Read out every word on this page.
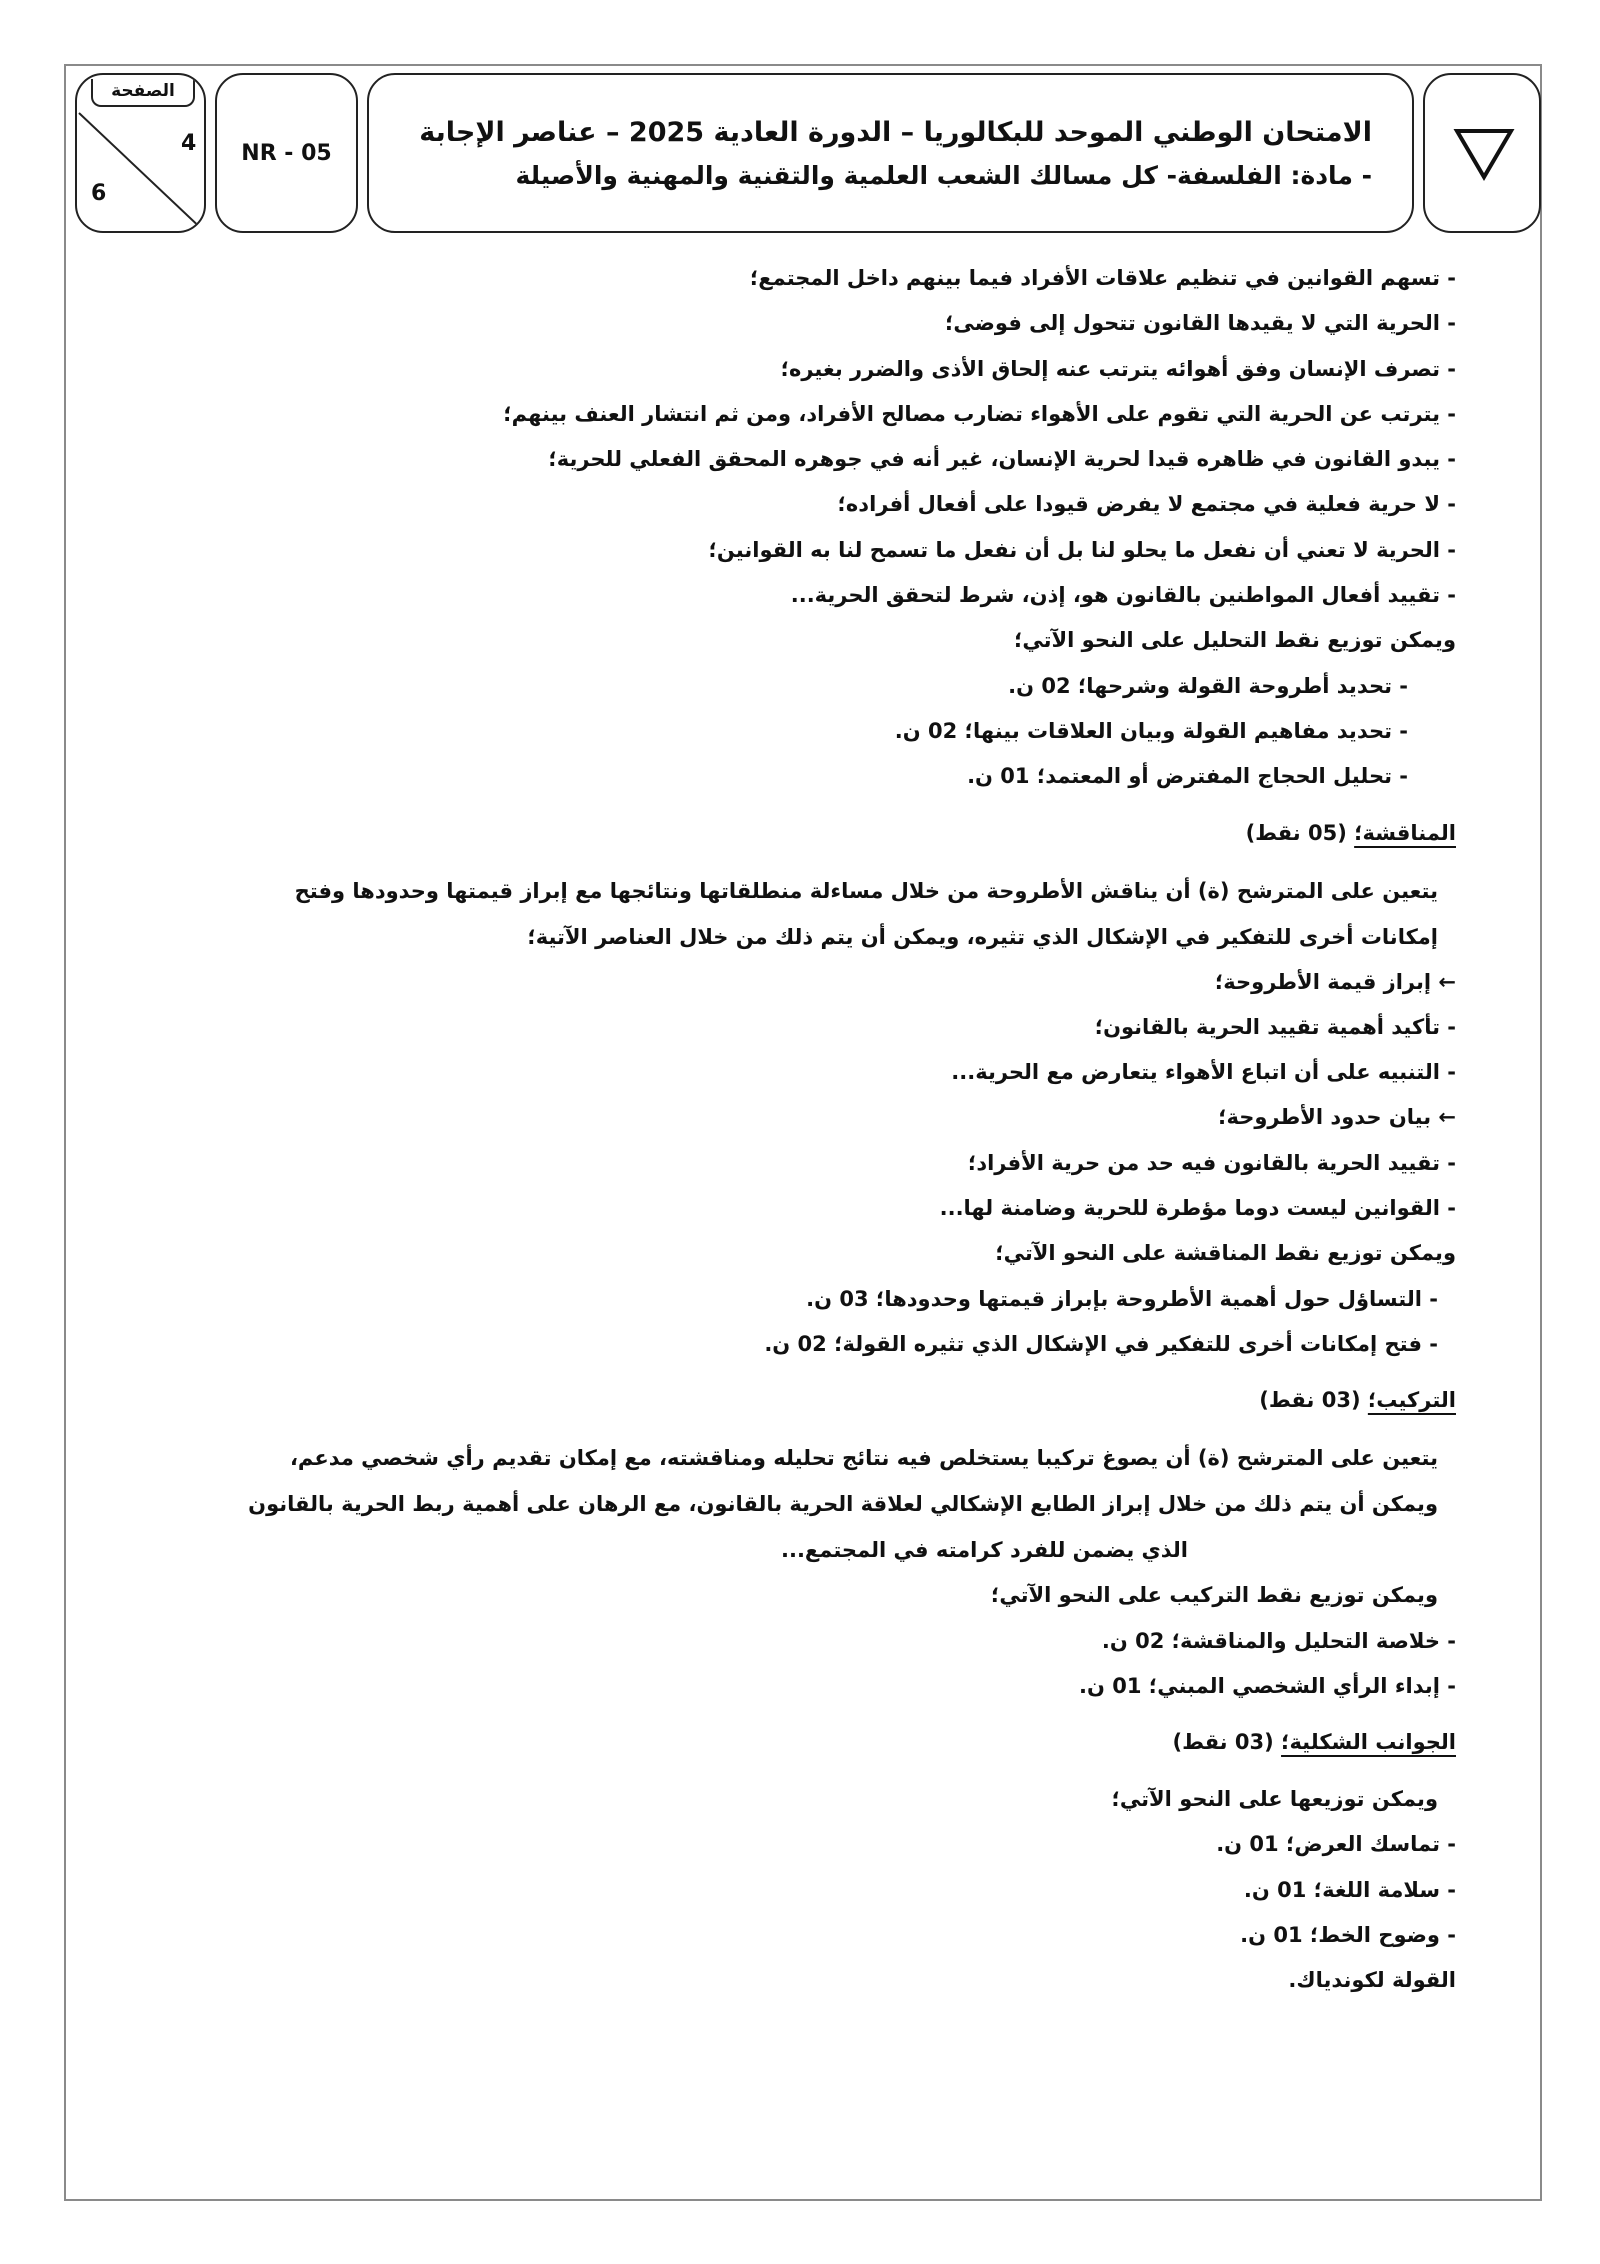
الصفحة
4
6
NR - 05
الامتحان الوطني الموحد للبكالوريا – الدورة العادية 2025 – عناصر الإجابة
- مادة: الفلسفة- كل مسالك الشعب العلمية والتقنية والمهنية والأصيلة
- تسهم القوانين في تنظيم علاقات الأفراد فيما بينهم داخل المجتمع؛
- الحرية التي لا يقيدها القانون تتحول إلى فوضى؛
- تصرف الإنسان وفق أهوائه يترتب عنه إلحاق الأذى والضرر بغيره؛
- يترتب عن الحرية التي تقوم على الأهواء تضارب مصالح الأفراد، ومن ثم انتشار العنف بينهم؛
- يبدو القانون في ظاهره قيدا لحرية الإنسان، غير أنه في جوهره المحقق الفعلي للحرية؛
- لا حرية فعلية في مجتمع لا يفرض قيودا على أفعال أفراده؛
- الحرية لا تعني أن نفعل ما يحلو لنا بل أن نفعل ما تسمح لنا به القوانين؛
- تقييد أفعال المواطنين بالقانون هو، إذن، شرط لتحقق الحرية...
ويمكن توزيع نقط التحليل على النحو الآتي؛
- تحديد أطروحة القولة وشرحها؛ 02 ن.
- تحديد مفاهيم القولة وبيان العلاقات بينها؛ 02 ن.
- تحليل الحجاج المفترض أو المعتمد؛ 01 ن.
المناقشة؛ (05 نقط)
يتعين على المترشح (ة) أن يناقش الأطروحة من خلال مساءلة منطلقاتها ونتائجها مع إبراز قيمتها وحدودها وفتح
إمكانات أخرى للتفكير في الإشكال الذي تثيره، ويمكن أن يتم ذلك من خلال العناصر الآتية؛
← إبراز قيمة الأطروحة؛
- تأكيد أهمية تقييد الحرية بالقانون؛
- التنبيه على أن اتباع الأهواء يتعارض مع الحرية...
← بيان حدود الأطروحة؛
- تقييد الحرية بالقانون فيه حد من حرية الأفراد؛
- القوانين ليست دوما مؤطرة للحرية وضامنة لها...
ويمكن توزيع نقط المناقشة على النحو الآتي؛
- التساؤل حول أهمية الأطروحة بإبراز قيمتها وحدودها؛ 03 ن.
- فتح إمكانات أخرى للتفكير في الإشكال الذي تثيره القولة؛ 02 ن.
التركيب؛ (03 نقط)
يتعين على المترشح (ة) أن يصوغ تركيبا يستخلص فيه نتائج تحليله ومناقشته، مع إمكان تقديم رأي شخصي مدعم،
ويمكن أن يتم ذلك من خلال إبراز الطابع الإشكالي لعلاقة الحرية بالقانون، مع الرهان على أهمية ربط الحرية بالقانون
الذي يضمن للفرد كرامته في المجتمع...
ويمكن توزيع نقط التركيب على النحو الآتي؛
- خلاصة التحليل والمناقشة؛ 02 ن.
- إبداء الرأي الشخصي المبني؛ 01 ن.
الجوانب الشكلية؛ (03 نقط)
ويمكن توزيعها على النحو الآتي؛
- تماسك العرض؛ 01 ن.
- سلامة اللغة؛ 01 ن.
- وضوح الخط؛ 01 ن.
القولة لكوندياك.
